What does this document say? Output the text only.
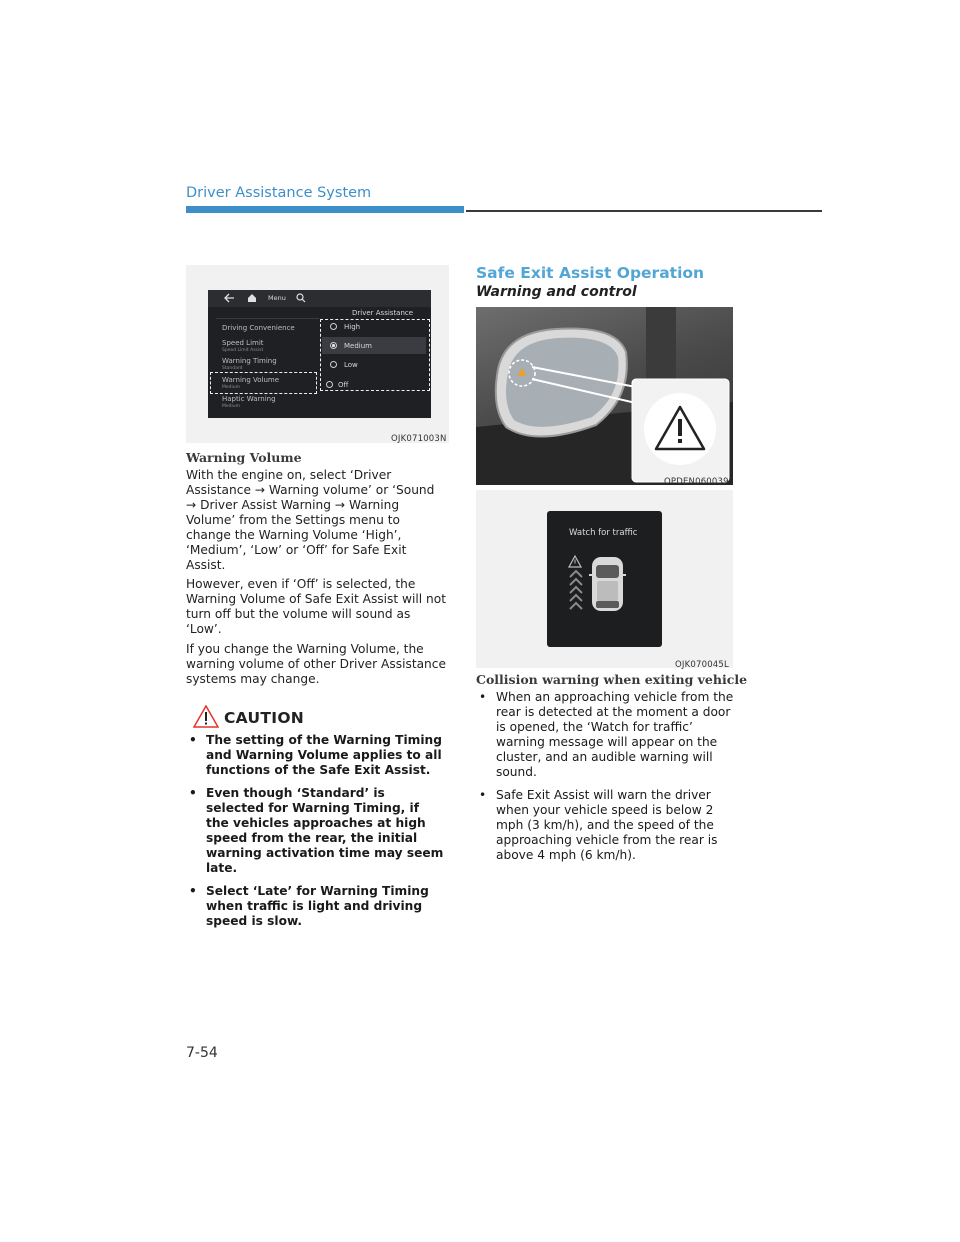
Driver Assistance System
Menu
Driver Assistance
Driving Convenience
Speed Limit
Speed Limit Assist
Warning Timing
Standard
Warning Volume
Medium
Haptic Warning
Medium
High
Medium
Low
Off
OJK071003N
Warning Volume

With the engine on, select ‘Driver Assistance → Warning volume’ or ‘Sound → Driver Assist Warning → Warning Volume’ from the Settings menu to change the Warning Volume ‘High’, ‘Medium’, ‘Low’ or ‘Off’ for Safe Exit Assist.

However, even if ‘Off’ is selected, the Warning Volume of Safe Exit Assist will not turn off but the volume will sound as ‘Low’.

If you change the Warning Volume, the warning volume of other Driver Assistance systems may change.

CAUTION
• The setting of the Warning Timing and Warning Volume applies to all functions of the Safe Exit Assist.
• Even though ‘Standard’ is selected for Warning Timing, if the vehicles approaches at high speed from the rear, the initial warning activation time may seem late.
• Select ‘Late’ for Warning Timing when traffic is light and driving speed is slow.
Safe Exit Assist Operation
Warning and control
OPDEN060039
Watch for traffic
OJK070045L
Collision warning when exiting vehicle
• When an approaching vehicle from the rear is detected at the moment a door is opened, the ‘Watch for traffic’ warning message will appear on the cluster, and an audible warning will sound.
• Safe Exit Assist will warn the driver when your vehicle speed is below 2 mph (3 km/h), and the speed of the approaching vehicle from the rear is above 4 mph (6 km/h).
7-54
